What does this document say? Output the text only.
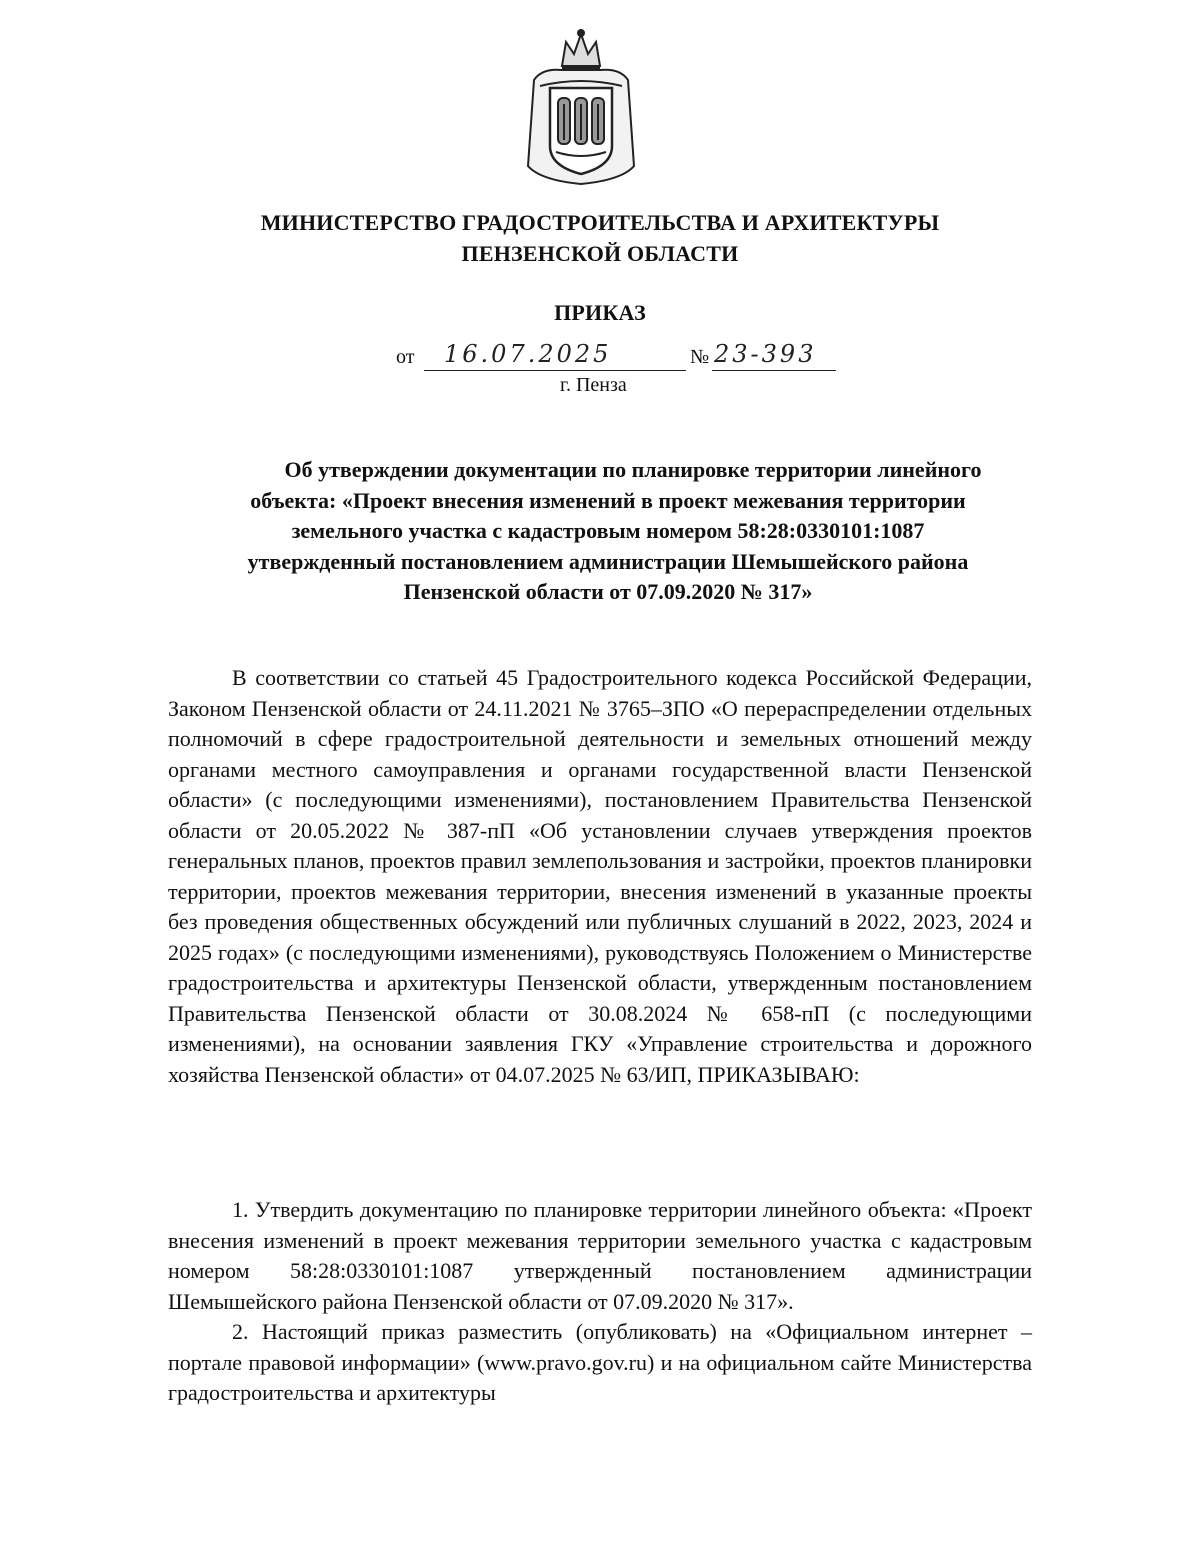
МИНИСТЕРСТВО ГРАДОСТРОИТЕЛЬСТВА И АРХИТЕКТУРЫ
ПЕНЗЕНСКОЙ ОБЛАСТИ
ПРИКАЗ
от 16.07.2025	№ 23-393
г. Пенза
Об утверждении документации по планировке территории линейного
объекта: «Проект внесения изменений в проект межевания территории
земельного участка с кадастровым номером 58:28:0330101:1087
утвержденный постановлением администрации Шемышейского района
Пензенской области от 07.09.2020 № 317»

В соответствии со статьей 45 Градостроительного кодекса Российской Федерации, Законом Пензенской области от 24.11.2021 № 3765–ЗПО «О перераспределении отдельных полномочий в сфере градостроительной деятельности и земельных отношений между органами местного самоуправления и органами государственной власти Пензенской области» (с последующими изменениями), постановлением Правительства Пензенской области от 20.05.2022 № 387-пП «Об установлении случаев утверждения проектов генеральных планов, проектов правил землепользования и застройки, проектов планировки территории, проектов межевания территории, внесения изменений в указанные проекты без проведения общественных обсуждений или публичных слушаний в 2022, 2023, 2024 и 2025 годах» (с последующими изменениями), руководствуясь Положением о Министерстве градостроительства и архитектуры Пензенской области, утвержденным постановлением Правительства Пензенской области от 30.08.2024 № 658-пП (с последующими изменениями), на основании заявления ГКУ «Управление строительства и дорожного хозяйства Пензенской области» от 04.07.2025 № 63/ИП, ПРИКАЗЫВАЮ:

1. Утвердить документацию по планировке территории линейного объекта: «Проект внесения изменений в проект межевания территории земельного участка с кадастровым номером 58:28:0330101:1087 утвержденный постановлением администрации Шемышейского района Пензенской области от 07.09.2020 № 317».

2. Настоящий приказ разместить (опубликовать) на «Официальном интернет – портале правовой информации» (www.pravo.gov.ru) и на официальном сайте Министерства градостроительства и архитектуры
